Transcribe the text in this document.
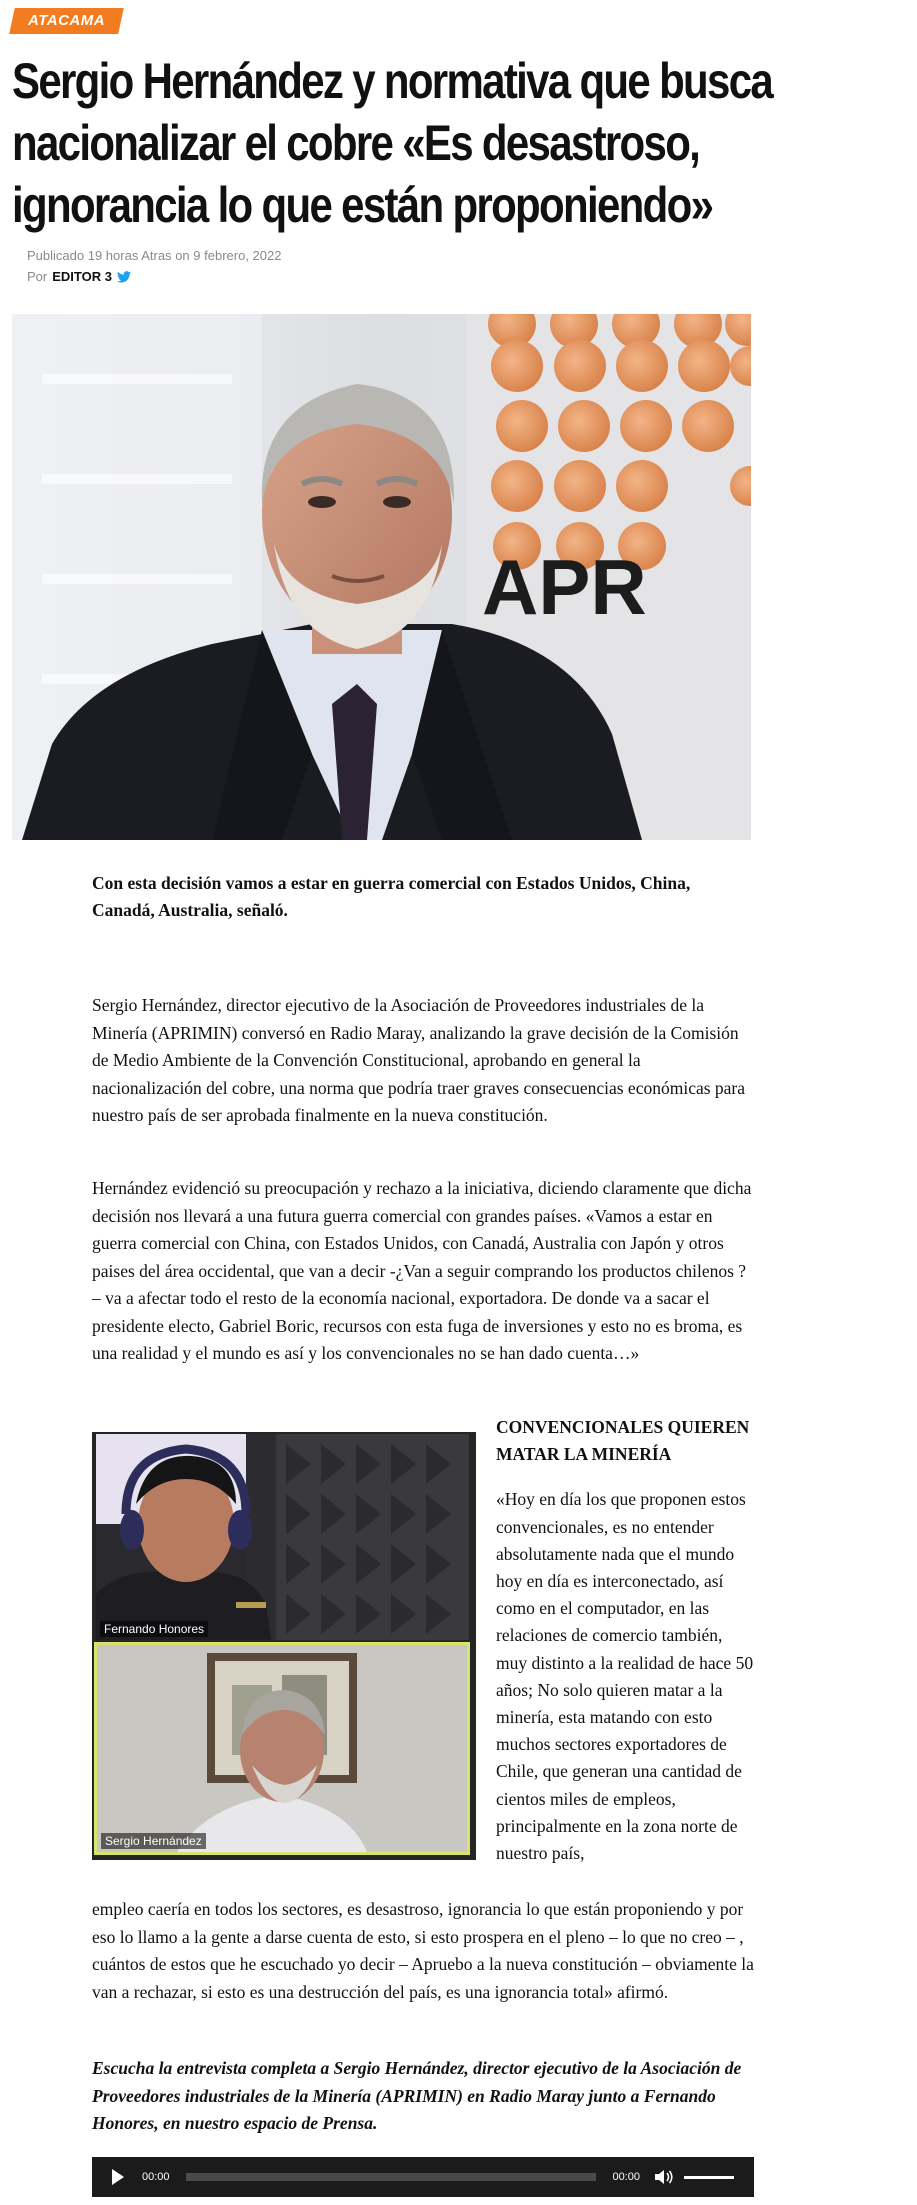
ATACAMA
Sergio Hernández y normativa que busca nacionalizar el cobre «Es desastroso, ignorancia lo que están proponiendo»
Publicado 19 horas Atras on 9 febrero, 2022
Por EDITOR 3
APR
Con esta decisión vamos a estar en guerra comercial con Estados Unidos, China, Canadá, Australia, señaló.
Sergio Hernández, director ejecutivo de la Asociación de Proveedores industriales de la Minería (APRIMIN) conversó en Radio Maray, analizando la grave decisión de la Comisión de Medio Ambiente de la Convención Constitucional, aprobando en general la nacionalización del cobre, una norma que podría traer graves consecuencias económicas para nuestro país de ser aprobada finalmente en la nueva constitución.
Hernández evidenció su preocupación y rechazo a la iniciativa, diciendo claramente que dicha decisión nos llevará a una futura guerra comercial con grandes países. «Vamos a estar en guerra comercial con China, con Estados Unidos, con Canadá, Australia con Japón y otros paises del área occidental, que van a decir -¿Van a seguir comprando los productos chilenos ? – va a afectar todo el resto de la economía nacional, exportadora. De donde va a sacar el presidente electo, Gabriel Boric, recursos con esta fuga de inversiones y esto no es broma, es una realidad y el mundo es así y los convencionales no se han dado cuenta…»
Fernando Honores
Sergio Hernández
CONVENCIONALES QUIEREN MATAR LA MINERÍA

«Hoy en día los que proponen estos convencionales, es no entender absolutamente nada que el mundo hoy en día es interconectado, así como en el computador, en las relaciones de comercio también, muy distinto a la realidad de hace 50 años; No solo quieren matar a la minería, esta matando con esto muchos sectores exportadores de Chile, que generan una cantidad de cientos miles de empleos, principalmente en la zona norte de nuestro país,

empleo caería en todos los sectores, es desastroso, ignorancia lo que están proponiendo y por eso lo llamo a la gente a darse cuenta de esto, si esto prospera en el pleno – lo que no creo – , cuántos de estos que he escuchado yo decir – Apruebo a la nueva constitución – obviamente la van a rechazar, si esto es una destrucción del país, es una ignorancia total» afirmó.
Escucha la entrevista completa a Sergio Hernández, director ejecutivo de la Asociación de Proveedores industriales de la Minería (APRIMIN) en Radio Maray junto a Fernando Honores, en nuestro espacio de Prensa.
00:00	00:00
